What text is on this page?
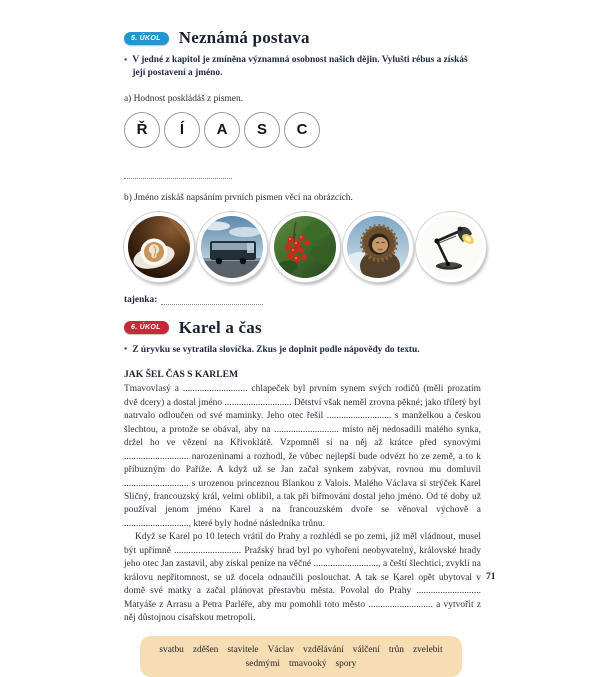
5. ÚKOL	Neznámá postava
● V jedné z kapitol je zmíněna významná osobnost našich dějin. Vylušti rébus a získáš její postavení a jméno.
a) Hodnost poskládáš z písmen.
Ř	Í	A	S	C
b) Jméno získáš napsáním prvních písmen věcí na obrázcích.
tajenka:
6. ÚKOL	Karel a čas
● Z úryvku se vytratila slovíčka. Zkus je doplnit podle nápovědy do textu.
JAK ŠEL ČAS S KARLEM

Tmavovlasý a ........................... chlapeček byl prvním synem svých rodičů (měli prozatím dvě dcery) a dostal jméno ............................ Dětství však neměl zrovna pěkné; jako tříletý byl natrvalo odloučen od své maminky. Jeho otec řešil ........................... s manželkou a českou šlechtou, a protože se obával, aby na ........................... místo něj nedosadili malého synka, držel ho ve vězení na Křivoklátě. Vzpomněl si na něj až krátce před synovými ........................... narozeninami a rozhodl, že vůbec nejlepší bude odvézt ho ze země, a to k příbuzným do Paříže. A když už se Jan začal synkem zabývat, rovnou mu domluvil ........................... s urozenou princeznou Blankou z Valois. Malého Václava si strýček Karel Sličný, francouzský král, velmi oblíbil, a tak při biřmování dostal jeho jméno. Od té doby už používal jenom jméno Karel a na francouzském dvoře se věnoval výchově a ..........................., které byly hodné následníka trůnu.

Když se Karel po 10 letech vrátil do Prahy a rozhlédl se po zemi, jíž měl vládnout, musel být upřímně ............................ Pražský hrad byl po vyhoření neobyvatelný, královské hrady jeho otec Jan zastavil, aby získal peníze na věčné ..........................., a čeští šlechtici, zvyklí na královu nepřítomnost, se už docela odnaučili poslouchat. A tak se Karel opět ubytoval v domě své matky a začal plánovat přestavbu města. Povolal do Prahy ........................... Matyáše z Arrasu a Petra Parléře, aby mu pomohli toto město ........................... a vytvořit z něj důstojnou císařskou metropoli.

svatbu zděšen stavitele Václav vzdělávání válčení trůn zvelebit
sedmými tmavooký spory
71
